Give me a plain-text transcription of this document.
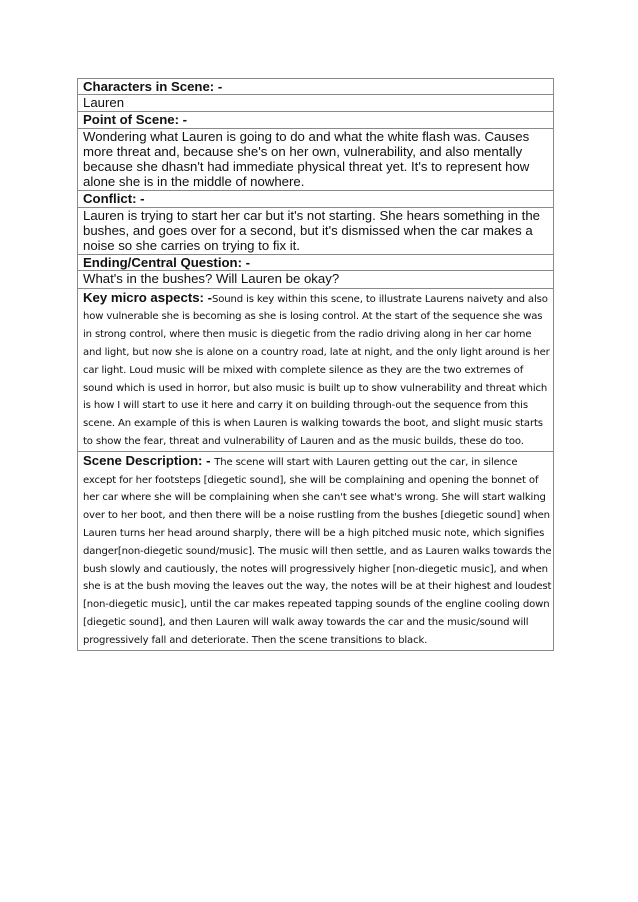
Characters in Scene: -
Lauren
Point of Scene: -
Wondering what Lauren is going to do and what the white flash was. Causes more threat and, because she's on her own, vulnerability, and also mentally because she dhasn't had immediate physical threat yet. It's to represent how alone she is in the middle of nowhere.
Conflict: -
Lauren is trying to start her car but it's not starting. She hears something in the bushes, and goes over for a second, but it's dismissed when the car makes a noise so she carries on trying to fix it.
Ending/Central Question: -
What's in the bushes? Will Lauren be okay?
Key micro aspects: -Sound is key within this scene, to illustrate Laurens naivety and also how vulnerable she is becoming as she is losing control. At the start of the sequence she was in strong control, where then music is diegetic from the radio driving along in her car home and light, but now she is alone on a country road, late at night, and the only light around is her car light. Loud music will be mixed with complete silence as they are the two extremes of sound which is used in horror, but also music is built up to show vulnerability and threat which is how I will start to use it here and carry it on building through-out the sequence from this scene. An example of this is when Lauren is walking towards the boot, and slight music starts to show the fear, threat and vulnerability of Lauren and as the music builds, these do too.
Scene Description: - The scene will start with Lauren getting out the car, in silence except for her footsteps [diegetic sound], she will be complaining and opening the bonnet of her car where she will be complaining when she can't see what's wrong. She will start walking over to her boot, and then there will be a noise rustling from the bushes [diegetic sound] when Lauren turns her head around sharply, there will be a high pitched music note, which signifies danger[non-diegetic sound/music]. The music will then settle, and as Lauren walks towards the bush slowly and cautiously, the notes will progressively higher [non-diegetic music], and when she is at the bush moving the leaves out the way, the notes will be at their highest and loudest [non-diegetic music], until the car makes repeated tapping sounds of the engline cooling down [diegetic sound], and then Lauren will walk away towards the car and the music/sound will progressively fall and deteriorate. Then the scene transitions to black.
